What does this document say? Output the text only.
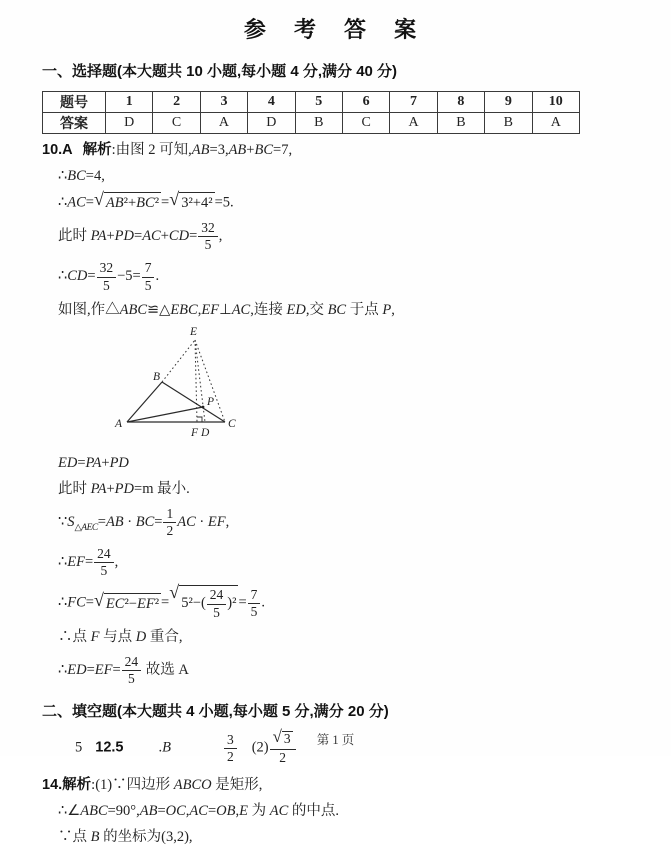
参 考 答 案
一、选择题(本大题共 10 小题,每小题 4 分,满分 40 分)
题号	1	2	3	4	5	6	7	8	9	10
答案	D	C	A	D	B	C	A	B	B	A
10.A 解析:由图 2 可知,AB=3,AB+BC=7,
∴BC=4,
∴AC= √ AB²+BC² = √ 3²+4² =5.
此时 $PA+PD=AC+CD= \frac{32}{5}$ ,
∴CD= $\frac{32}{5} -5= \frac{7}{5}$ .
如图,作△ABC≌△EBC,EF⊥AC,连接 ED,交 BC 于点 P,
E
B
P
A	C
F D
ED=PA+PD
此时 PA+PD=m 最小.
$\because S_{\triangle AEC}=AB \cdot BC= \frac{1}{2}$ AC · EF,
∴EF= $\frac{24}{5}$ ,
∴FC= √ EC²−EF² =
√
$5^2-( \frac{24}{5} )^2 = \frac{7}{5}$ .
∴点 F 与点 D 重合,
∴ED=EF= $\frac{24}{5}$ 故选 A
二、填空题(本大题共 4 小题,每小题 5 分,满分 20 分)
5 12.5 .B	$\frac{3}{2} (2) \frac{√ 3}{2}$
14.解析:(1)∵四边形 ABCO 是矩形,
∴∠ABC=90°,AB=OC,AC=OB,E 为 AC 的中点.
∵点 B 的坐标为(3,2),
第 1 页
